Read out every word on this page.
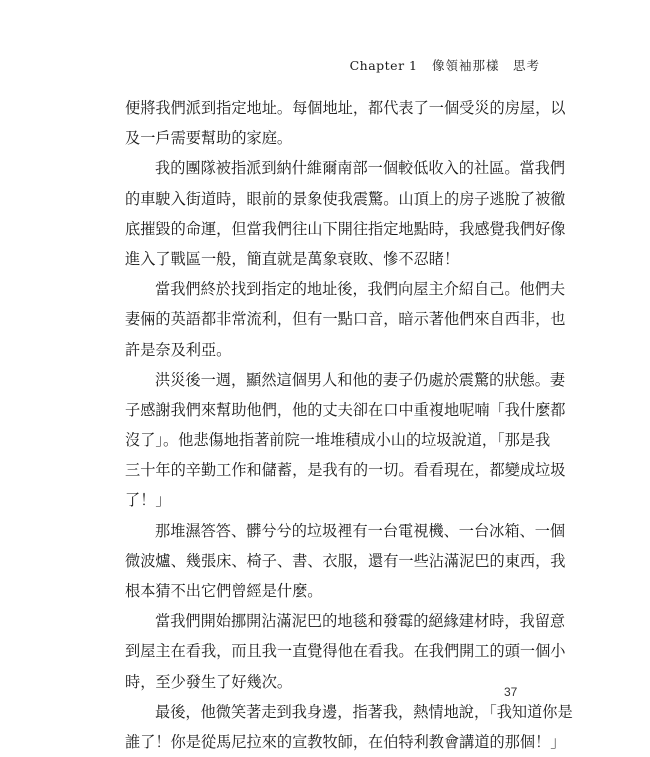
Chapter 1 像領袖那樣　思考
便將我們派到指定地址。每個地址，都代表了一個受災的房屋，以
及一戶需要幫助的家庭。
我的團隊被指派到納什維爾南部一個較低收入的社區。當我們
的車駛入街道時，眼前的景象使我震驚。山頂上的房子逃脫了被徹
底摧毀的命運，但當我們往山下開往指定地點時，我感覺我們好像
進入了戰區一般，簡直就是萬象衰敗、慘不忍睹！
當我們終於找到指定的地址後，我們向屋主介紹自己。他們夫
妻倆的英語都非常流利，但有一點口音，暗示著他們來自西非，也
許是奈及利亞。
洪災後一週，顯然這個男人和他的妻子仍處於震驚的狀態。妻
子感謝我們來幫助他們，他的丈夫卻在口中重複地呢喃「我什麼都
沒了」。他悲傷地指著前院一堆堆積成小山的垃圾說道，「那是我
三十年的辛勤工作和儲蓄，是我有的一切。看看現在，都變成垃圾
了！」
那堆濕答答、髒兮兮的垃圾裡有一台電視機、一台冰箱、一個
微波爐、幾張床、椅子、書、衣服，還有一些沾滿泥巴的東西，我
根本猜不出它們曾經是什麼。
當我們開始挪開沾滿泥巴的地毯和發霉的絕緣建材時，我留意
到屋主在看我，而且我一直覺得他在看我。在我們開工的頭一個小
時，至少發生了好幾次。
最後，他微笑著走到我身邊，指著我，熱情地說，「我知道你是
誰了！你是從馬尼拉來的宣教牧師，在伯特利教會講道的那個！」
37
